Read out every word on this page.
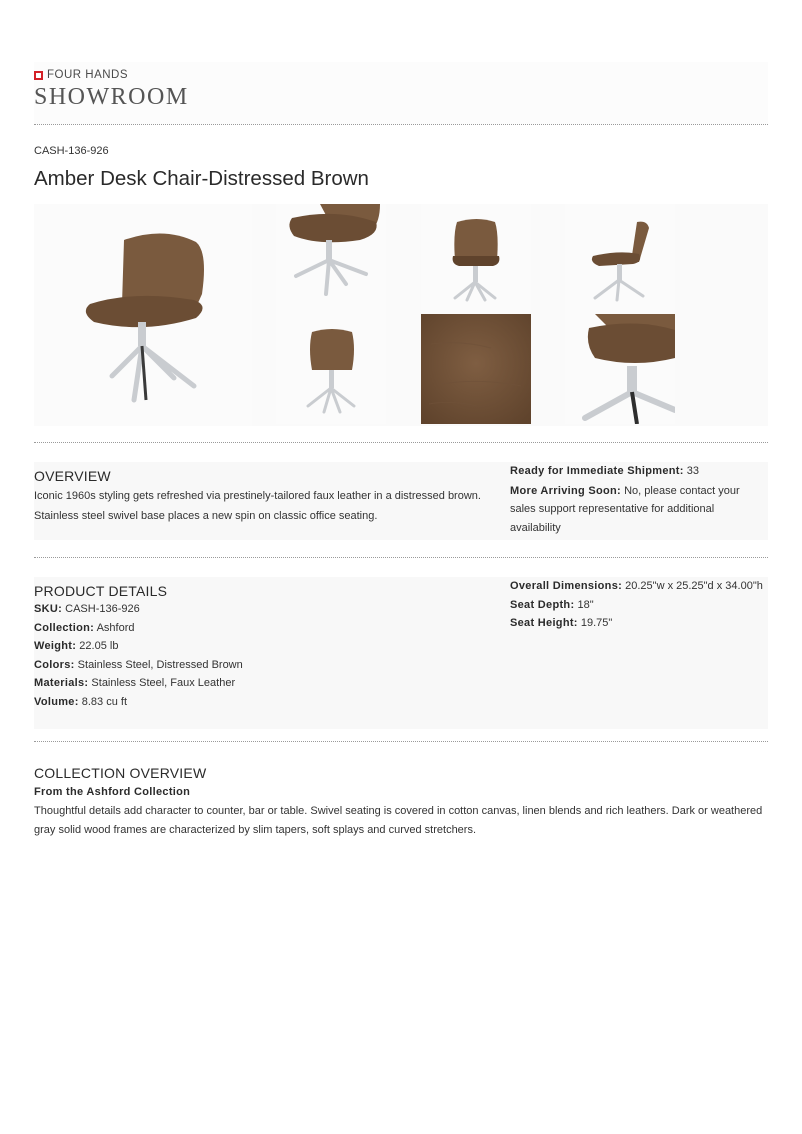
FOUR HANDS
SHOWROOM
CASH-136-926
Amber Desk Chair-Distressed Brown
OVERVIEW
Iconic 1960s styling gets refreshed via prestinely-tailored faux leather in a distressed brown. Stainless steel swivel base places a new spin on classic office seating.
Ready for Immediate Shipment: 33
More Arriving Soon: No, please contact your sales support representative for additional availability
PRODUCT DETAILS
SKU: CASH-136-926
Collection: Ashford
Weight: 22.05 lb
Colors: Stainless Steel, Distressed Brown
Materials: Stainless Steel, Faux Leather
Volume: 8.83 cu ft
Overall Dimensions: 20.25"w x 25.25"d x 34.00"h
Seat Depth: 18"
Seat Height: 19.75"
COLLECTION OVERVIEW
From the Ashford Collection
Thoughtful details add character to counter, bar or table. Swivel seating is covered in cotton canvas, linen blends and rich leathers. Dark or weathered gray solid wood frames are characterized by slim tapers, soft splays and curved stretchers.
